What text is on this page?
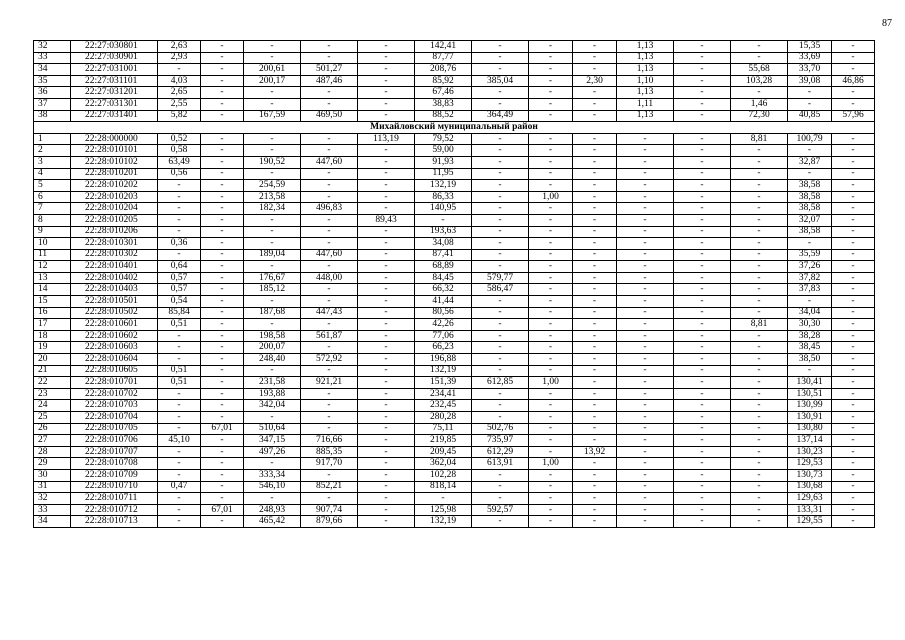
87
32	22:27:030801	2,63	-	-	-	-	142,41	-	-	-	1,13	-	-	15,35	-
33	22:27:030901	2,93	-	-	-	-	87,77	-	-	-	1,13	-	-	33,69	-
34	22:27:031001	-	-	200,61	501,27	-	208,76	-	-	-	1,13	-	55,68	33,70	-
35	22:27:031101	4,03	-	200,17	487,46	-	85,92	385,04	-	2,30	1,10	-	103,28	39,08	46,86
36	22:27:031201	2,65	-	-	-	-	67,46	-	-	-	1,13	-	-	-	-
37	22:27:031301	2,55	-	-	-	-	38,83	-	-	-	1,11	-	1,46	-	-
38	22:27:031401	5,82	-	167,59	469,50	-	88,52	364,49	-	-	1,13	-	72,30	40,85	57,96
Михайловский муниципальный район															
1	22:28:000000	0,52	-	-	-	113,19	79,52	-	-	-	-	-	8,81	100,79	-
2	22:28:010101	0,58	-	-	-	-	59,00	-	-	-	-	-	-	-	-
3	22:28:010102	63,49	-	190,52	447,60	-	91,93	-	-	-	-	-	-	32,87	-
4	22:28:010201	0,56	-	-	-	-	11,95	-	-	-	-	-	-	-	-
5	22:28:010202	-	-	254,59	-	-	132,19	-	-	-	-	-	-	38,58	-
6	22:28:010203	-	-	213,58	-	-	86,33	-	1,00	-	-	-	-	38,58	-
7	22:28:010204	-	-	182,34	496,83	-	140,95	-	-	-	-	-	-	38,58	-
8	22:28:010205	-	-	-	-	89,43	-	-	-	-	-	-	-	32,07	-
9	22:28:010206	-	-	-	-	-	193,63	-	-	-	-	-	-	38,58	-
10	22:28:010301	0,36	-	-	-	-	34,08	-	-	-	-	-	-	-	-
11	22:28:010302	-	-	189,04	447,60	-	87,41	-	-	-	-	-	-	35,59	-
12	22:28:010401	0,64	-	-	-	-	68,89	-	-	-	-	-	-	37,26	-
13	22:28:010402	0,57	-	176,67	448,00	-	84,45	579,77	-	-	-	-	-	37,82	-
14	22:28:010403	0,57	-	185,12	-	-	66,32	586,47	-	-	-	-	-	37,83	-
15	22:28:010501	0,54	-	-	-	-	41,44	-	-	-	-	-	-	-	-
16	22:28:010502	85,84	-	187,68	447,43	-	80,56	-	-	-	-	-	-	34,04	-
17	22:28:010601	0,51	-	-	-	-	42,26	-	-	-	-	-	8,81	30,30	-
18	22:28:010602	-	-	198,58	561,87	-	77,06	-	-	-	-	-	-	38,28	-
19	22:28:010603	-	-	200,07	-	-	66,23	-	-	-	-	-	-	38,45	-
20	22:28:010604	-	-	248,40	572,92	-	196,88	-	-	-	-	-	-	38,50	-
21	22:28:010605	0,51	-	-	-	-	132,19	-	-	-	-	-	-	-	-
22	22:28:010701	0,51	-	231,58	921,21	-	151,39	612,85	1,00	-	-	-	-	130,41	-
23	22:28:010702	-	-	193,88	-	-	234,41	-	-	-	-	-	-	130,51	-
24	22:28:010703	-	-	342,04	-	-	232,45	-	-	-	-	-	-	130,99	-
25	22:28:010704	-	-	-	-	-	280,28	-	-	-	-	-	-	130,91	-
26	22:28:010705	-	67,01	510,64	-	-	75,11	502,76	-	-	-	-	-	130,80	-
27	22:28:010706	45,10	-	347,15	716,66	-	219,85	735,97	-	-	-	-	-	137,14	-
28	22:28:010707	-	-	497,26	885,35	-	209,45	612,29	-	13,92	-	-	-	130,23	-
29	22:28:010708	-	-	-	917,70	-	362,04	613,91	1,00	-	-	-	-	129,53	-
30	22:28:010709	-	-	333,34	-	-	102,28	-	-	-	-	-	-	130,73	-
31	22:28:010710	0,47	-	546,10	852,21	-	818,14	-	-	-	-	-	-	130,68	-
32	22:28:010711	-	-	-	-	-	-	-	-	-	-	-	-	129,63	-
33	22:28:010712	-	67,01	248,93	907,74	-	125,98	592,57	-	-	-	-	-	133,31	-
34	22:28:010713	-	-	465,42	879,66	-	132,19	-	-	-	-	-	-	129,55	-
